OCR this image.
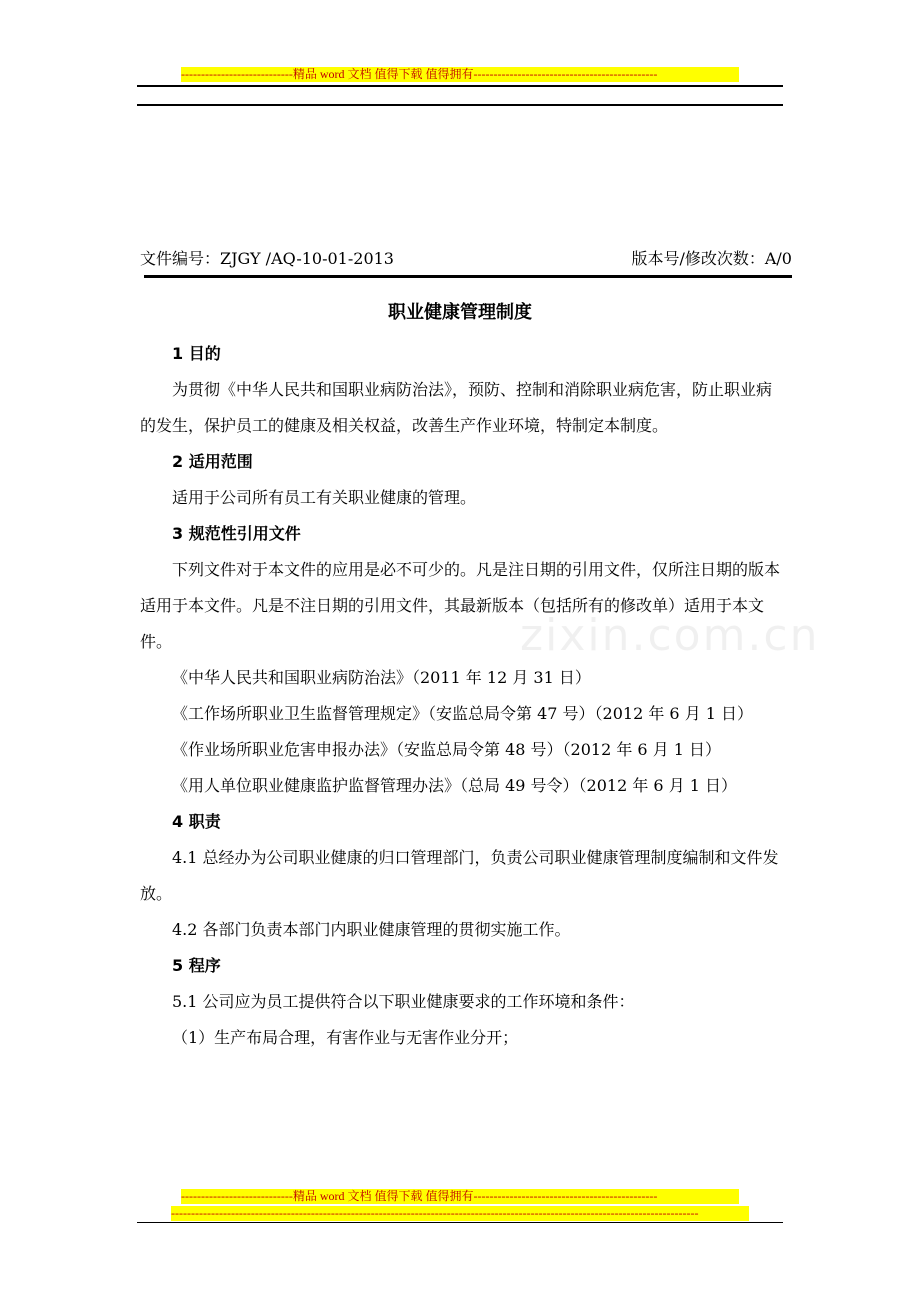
----------------------------精品 word 文档 值得下载 值得拥有----------------------------------------------
文件编号：ZJGY /AQ-10-01-2013	版本号/修改次数：A/0
职业健康管理制度
zixin.com.cn

1 目的

为贯彻《中华人民共和国职业病防治法》，预防、控制和消除职业病危害，防止职业病的发生，保护员工的健康及相关权益，改善生产作业环境，特制定本制度。

2 适用范围

适用于公司所有员工有关职业健康的管理。

3 规范性引用文件

下列文件对于本文件的应用是必不可少的。凡是注日期的引用文件，仅所注日期的版本适用于本文件。凡是不注日期的引用文件，其最新版本（包括所有的修改单）适用于本文件。

《中华人民共和国职业病防治法》（2011 年 12 月 31 日）

《工作场所职业卫生监督管理规定》（安监总局令第 47 号）（2012 年 6 月 1 日）

《作业场所职业危害申报办法》（安监总局令第 48 号）（2012 年 6 月 1 日）

《用人单位职业健康监护监督管理办法》（总局 49 号令）（2012 年 6 月 1 日）

4 职责

4.1 总经办为公司职业健康的归口管理部门，负责公司职业健康管理制度编制和文件发放。

4.2 各部门负责本部门内职业健康管理的贯彻实施工作。

5 程序

5.1 公司应为员工提供符合以下职业健康要求的工作环境和条件：

（1）生产布局合理，有害作业与无害作业分开；

----------------------------精品 word 文档 值得下载 值得拥有----------------------------------------------
------------------------------------------------------------------------------------------------------------------------------------
